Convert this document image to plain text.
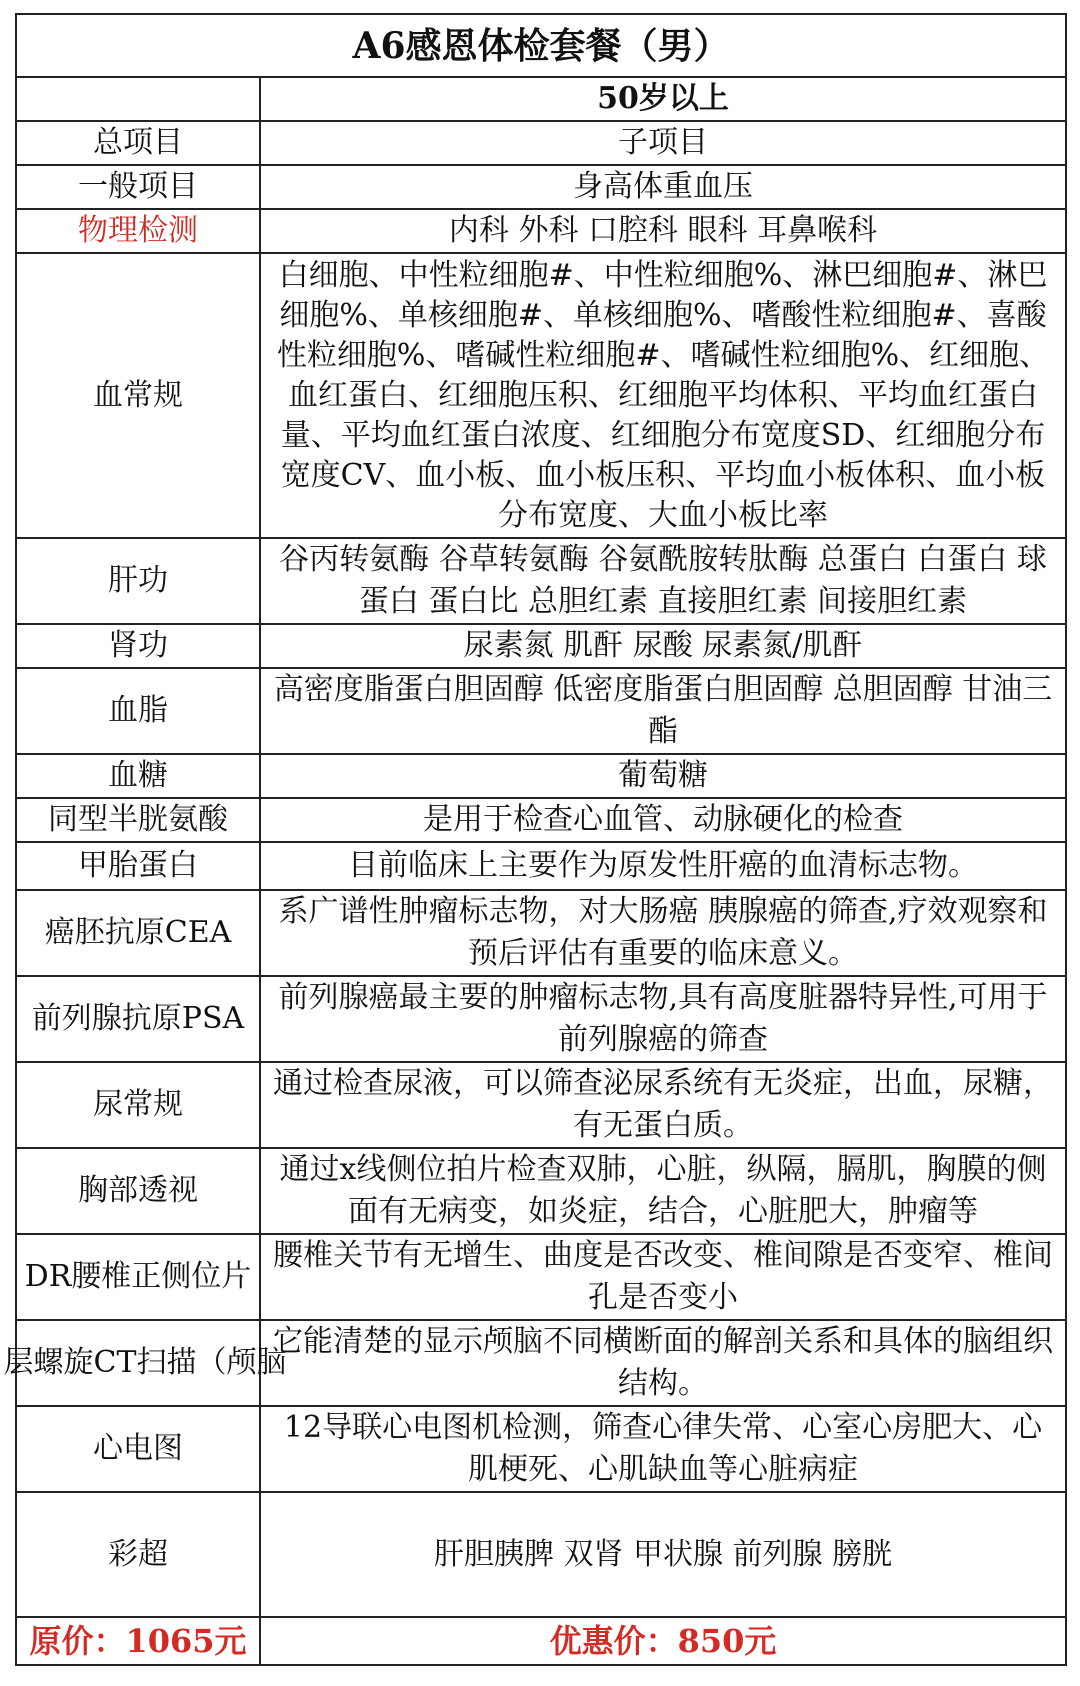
A6感恩体检套餐（男）	
	50岁以上
总项目	子项目
一般项目	身高体重血压
物理检测	内科 外科 口腔科 眼科 耳鼻喉科
血常规	白细胞、中性粒细胞#、中性粒细胞%、淋巴细胞#、淋巴细胞%、单核细胞#、单核细胞%、嗜酸性粒细胞#、喜酸性粒细胞%、嗜碱性粒细胞#、嗜碱性粒细胞%、红细胞、血红蛋白、红细胞压积、红细胞平均体积、平均血红蛋白量、平均血红蛋白浓度、红细胞分布宽度SD、红细胞分布宽度CV、血小板、血小板压积、平均血小板体积、血小板分布宽度、大血小板比率
肝功	谷丙转氨酶 谷草转氨酶 谷氨酰胺转肽酶 总蛋白 白蛋白 球蛋白 蛋白比 总胆红素 直接胆红素 间接胆红素
肾功	尿素氮 肌酐 尿酸 尿素氮/肌酐
血脂	高密度脂蛋白胆固醇 低密度脂蛋白胆固醇 总胆固醇 甘油三酯
血糖	葡萄糖
同型半胱氨酸	是用于检查心血管、动脉硬化的检查
甲胎蛋白	目前临床上主要作为原发性肝癌的血清标志物。
癌胚抗原CEA	系广谱性肿瘤标志物，对大肠癌 胰腺癌的筛查,疗效观察和预后评估有重要的临床意义。
前列腺抗原PSA	前列腺癌最主要的肿瘤标志物,具有高度脏器特异性,可用于前列腺癌的筛查
尿常规	通过检查尿液，可以筛查泌尿系统有无炎症，出血，尿糖，有无蛋白质。
胸部透视	通过x线侧位拍片检查双肺，心脏，纵隔，膈肌，胸膜的侧面有无病变，如炎症，结合，心脏肥大，肿瘤等
DR腰椎正侧位片	腰椎关节有无增生、曲度是否改变、椎间隙是否变窄、椎间孔是否变小

层螺旋CT扫描（颅脑	它能清楚的显示颅脑不同横断面的解剖关系和具体的脑组织结构。
心电图	12导联心电图机检测，筛查心律失常、心室心房肥大、心肌梗死、心肌缺血等心脏病症
彩超	肝胆胰脾 双肾 甲状腺 前列腺 膀胱
原价：1065元	优惠价：850元
